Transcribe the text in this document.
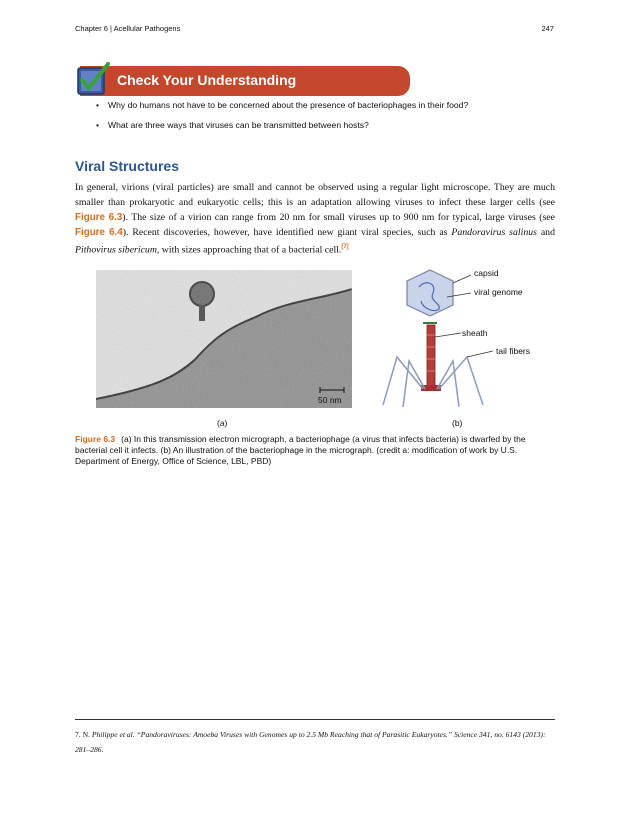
Chapter 6 | Acellular Pathogens	247
Check Your Understanding
• Why do humans not have to be concerned about the presence of bacteriophages in their food?
• What are three ways that viruses can be transmitted between hosts?
Viral Structures
In general, virions (viral particles) are small and cannot be observed using a regular light microscope. They are much smaller than prokaryotic and eukaryotic cells; this is an adaptation allowing viruses to infect these larger cells (see Figure 6.3). The size of a virion can range from 20 nm for small viruses up to 900 nm for typical, large viruses (see Figure 6.4). Recent discoveries, however, have identified new giant viral species, such as Pandoravirus salinus and Pithovirus sibericum, with sizes approaching that of a bacterial cell.[7]
50 nm
capsid
viral genome
sheath
tail fibers
(a)	(b)
Figure 6.3 (a) In this transmission electron micrograph, a bacteriophage (a virus that infects bacteria) is dwarfed by the bacterial cell it infects. (b) An illustration of the bacteriophage in the micrograph. (credit a: modification of work by U.S. Department of Energy, Office of Science, LBL, PBD)
7. N. Philippe et al. “Pandoraviruses: Amoeba Viruses with Genomes up to 2.5 Mb Reaching that of Parasitic Eukaryotes.” Science 341, no. 6143 (2013): 281–286.
